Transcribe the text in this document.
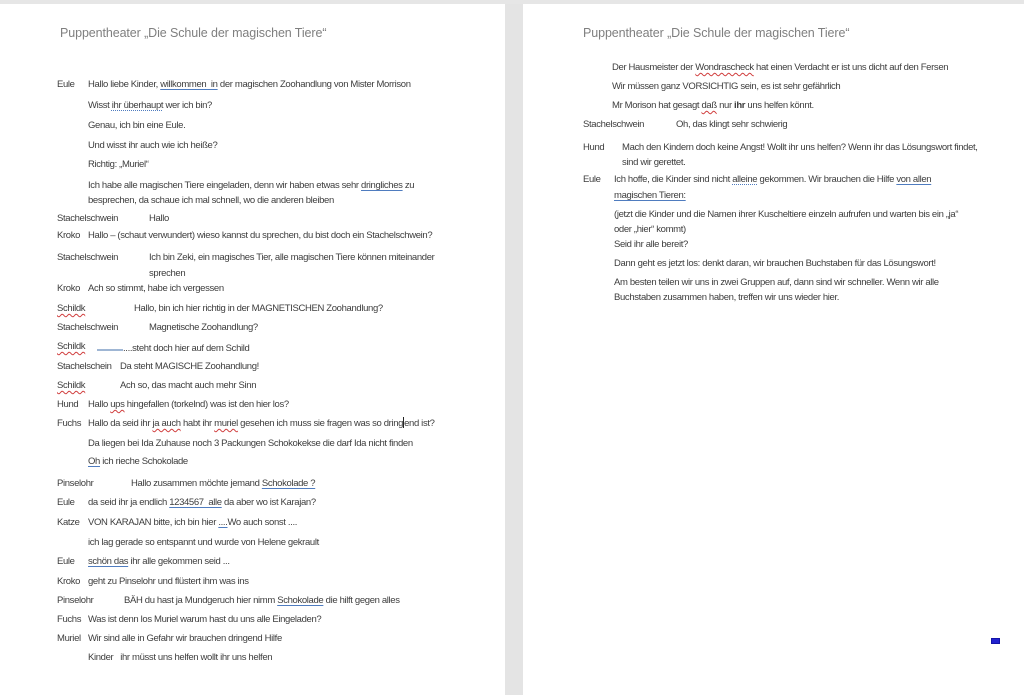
Puppentheater „Die Schule der magischen Tiere“
Eule Hallo liebe Kinder, willkommen  in der magischen Zoohandlung von Mister Morrison
Wisst ihr überhaupt wer ich bin?
Genau, ich bin eine Eule.
Und wisst ihr auch wie ich heiße?
Richtig: „Muriel“
Ich habe alle magischen Tiere eingeladen, denn wir haben etwas sehr dringliches zu
besprechen, da schaue ich mal schnell, wo die anderen bleiben
Stachelschwein	Hallo
Kroko Hallo – (schaut verwundert) wieso kannst du sprechen, du bist doch ein Stachelschwein?
Stachelschwein	Ich bin Zeki, ein magisches Tier, alle magischen Tiere können miteinander
sprechen
Kroko Ach so stimmt, habe ich vergessen
Schildk	Hallo, bin ich hier richtig in der MAGNETISCHEN Zoohandlung?
Stachelschwein	Magnetische Zoohandlung?
Schildk	....steht doch hier auf dem Schild
Stachelschein Da steht MAGISCHE Zoohandlung!
Schildk	Ach so, das macht auch mehr Sinn
Hund Hallo ups hingefallen (torkelnd) was ist den hier los?
Fuchs Hallo da seid ihr ja auch habt ihr muriel gesehen ich muss sie fragen was so dringend ist?
Da liegen bei Ida Zuhause noch 3 Packungen Schokokekse die darf Ida nicht finden
Oh ich rieche Schokolade
Pinselohr	Hallo zusammen möchte jemand Schokolade ?
Eule da seid ihr ja endlich 1234567  alle da aber wo ist Karajan?
Katze VON KARAJAN bitte, ich bin hier ....Wo auch sonst ....
ich lag gerade so entspannt und wurde von Helene gekrault
Eule schön das ihr alle gekommen seid ...
Kroko geht zu Pinselohr und flüstert ihm was ins
Pinselohr	BÄH du hast ja Mundgeruch hier nimm Schokolade die hilft gegen alles
Fuchs Was ist denn los Muriel warum hast du uns alle Eingeladen?
Muriel Wir sind alle in Gefahr wir brauchen dringend Hilfe
Kinder   ihr müsst uns helfen wollt ihr uns helfen
Puppentheater „Die Schule der magischen Tiere“
Der Hausmeister der Wondrascheck hat einen Verdacht er ist uns dicht auf den Fersen
Wir müssen ganz VORSICHTIG sein, es ist sehr gefährlich
Mr Morison hat gesagt daß nur ihr uns helfen könnt.
Stachelschwein	Oh, das klingt sehr schwierig
Hund Mach den Kindern doch keine Angst! Wollt ihr uns helfen? Wenn ihr das Lösungswort findet,
sind wir gerettet.
Eule Ich hoffe, die Kinder sind nicht alleine gekommen. Wir brauchen die Hilfe von allen
magischen Tieren:
(jetzt die Kinder und die Namen ihrer Kuscheltiere einzeln aufrufen und warten bis ein „ja“
oder „hier“ kommt)
Seid ihr alle bereit?
Dann geht es jetzt los: denkt daran, wir brauchen Buchstaben für das Lösungswort!
Am besten teilen wir uns in zwei Gruppen auf, dann sind wir schneller. Wenn wir alle
Buchstaben zusammen haben, treffen wir uns wieder hier.
